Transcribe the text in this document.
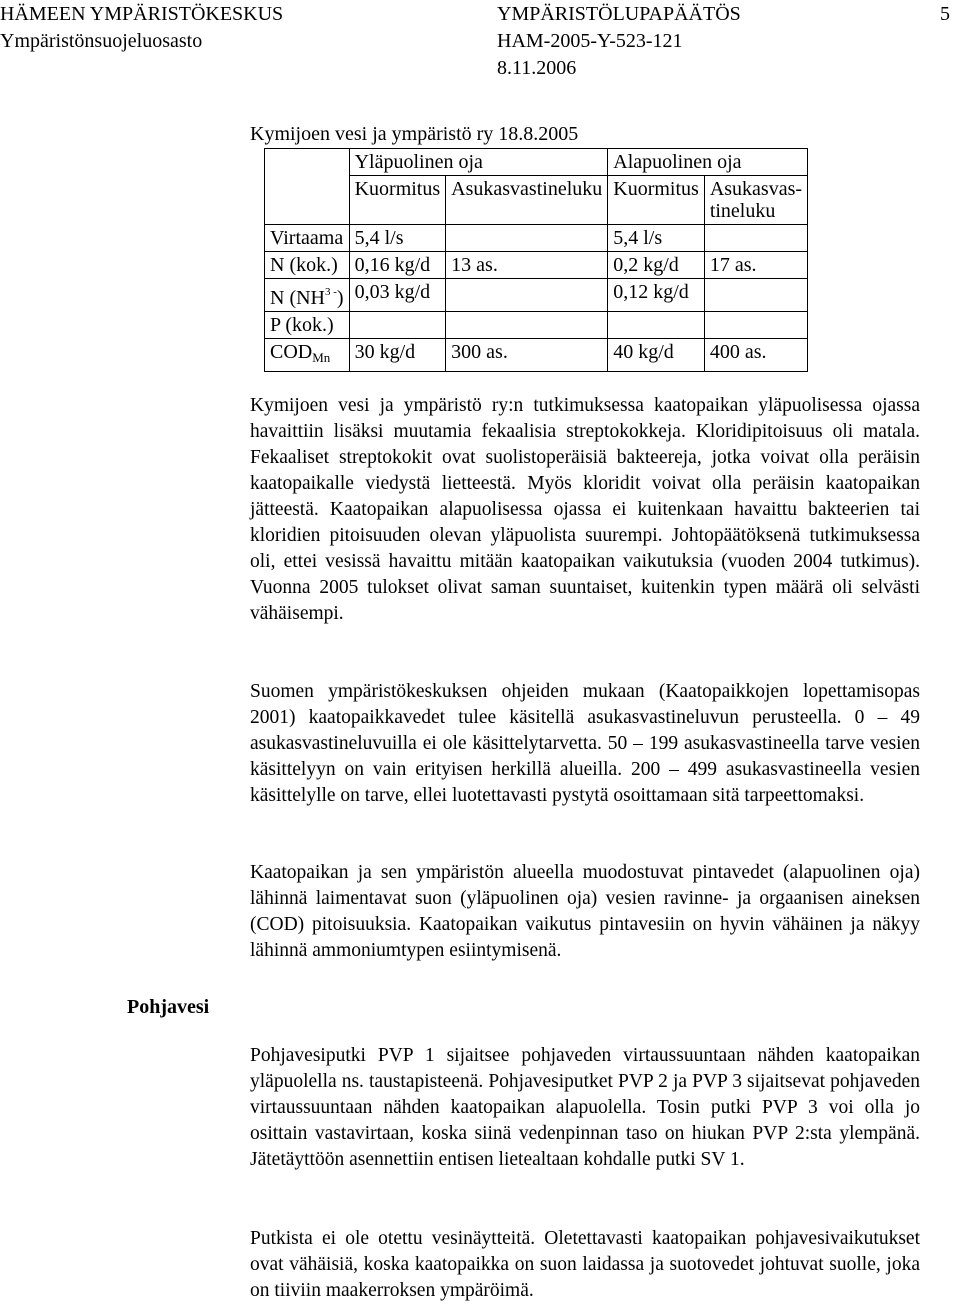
HÄMEEN YMPÄRISTÖKESKUS
Ympäristönsuojeluosasto
YMPÄRISTÖLUPAPÄÄTÖS
HAM-2005-Y-523-121
8.11.2006
5
Kymijoen vesi ja ympäristö ry 18.8.2005
	Yläpuolinen oja		Alapuolinen oja	
	Kuormitus	Asukasvastineluku	Kuormitus	Asukasvas-
tineluku
Virtaama	5,4 l/s		5,4 l/s	
N (kok.)	0,16 kg/d	13 as.	0,2 kg/d	17 as.
N $(NH^{3 -})$	0,03 kg/d		0,12 kg/d	
P (kok.)				
$COD_{Mn}$	30 kg/d	300 as.	40 kg/d	400 as.
Kymijoen vesi ja ympäristö ry:n tutkimuksessa kaatopaikan yläpuolisessa ojassa havaittiin lisäksi muutamia fekaalisia streptokokkeja. Kloridipitoisuus oli matala. Fekaaliset streptokokit ovat suolistoperäisiä bakteereja, jotka voivat olla peräisin kaatopaikalle viedystä lietteestä. Myös kloridit voivat olla peräisin kaatopaikan jätteestä. Kaatopaikan alapuolisessa ojassa ei kuitenkaan havaittu bakteerien tai kloridien pitoisuuden olevan yläpuolista suurempi. Johtopäätöksenä tutkimuksessa oli, ettei vesissä havaittu mitään kaatopaikan vaikutuksia (vuoden 2004 tutkimus). Vuonna 2005 tulokset olivat saman suuntaiset, kuitenkin typen määrä oli selvästi vähäisempi.
Suomen ympäristökeskuksen ohjeiden mukaan (Kaatopaikkojen lopettamisopas 2001) kaatopaikkavedet tulee käsitellä asukasvastineluvun perusteella. 0 – 49 asukasvastineluvuilla ei ole käsittelytarvetta. 50 – 199 asukasvastineella tarve vesien käsittelyyn on vain erityisen herkillä alueilla. 200 – 499 asukasvastineella vesien käsittelylle on tarve, ellei luotettavasti pystytä osoittamaan sitä tarpeettomaksi.
Kaatopaikan ja sen ympäristön alueella muodostuvat pintavedet (alapuolinen oja) lähinnä laimentavat suon (yläpuolinen oja) vesien ravinne- ja orgaanisen aineksen (COD) pitoisuuksia. Kaatopaikan vaikutus pintavesiin on hyvin vähäinen ja näkyy lähinnä ammoniumtypen esiintymisenä.
Pohjavesi
Pohjavesiputki PVP 1 sijaitsee pohjaveden virtaussuuntaan nähden kaatopaikan yläpuolella ns. taustapisteenä. Pohjavesiputket PVP 2 ja PVP 3 sijaitsevat pohjaveden virtaussuuntaan nähden kaatopaikan alapuolella. Tosin putki PVP 3 voi olla jo osittain vastavirtaan, koska siinä vedenpinnan taso on hiukan PVP 2:sta ylempänä. Jätetäyttöön asennettiin entisen lietealtaan kohdalle putki SV 1.
Putkista ei ole otettu vesinäytteitä. Oletettavasti kaatopaikan pohjavesivaikutukset ovat vähäisiä, koska kaatopaikka on suon laidassa ja suotovedet johtuvat suolle, joka on tiiviin maakerroksen ympäröimä.
